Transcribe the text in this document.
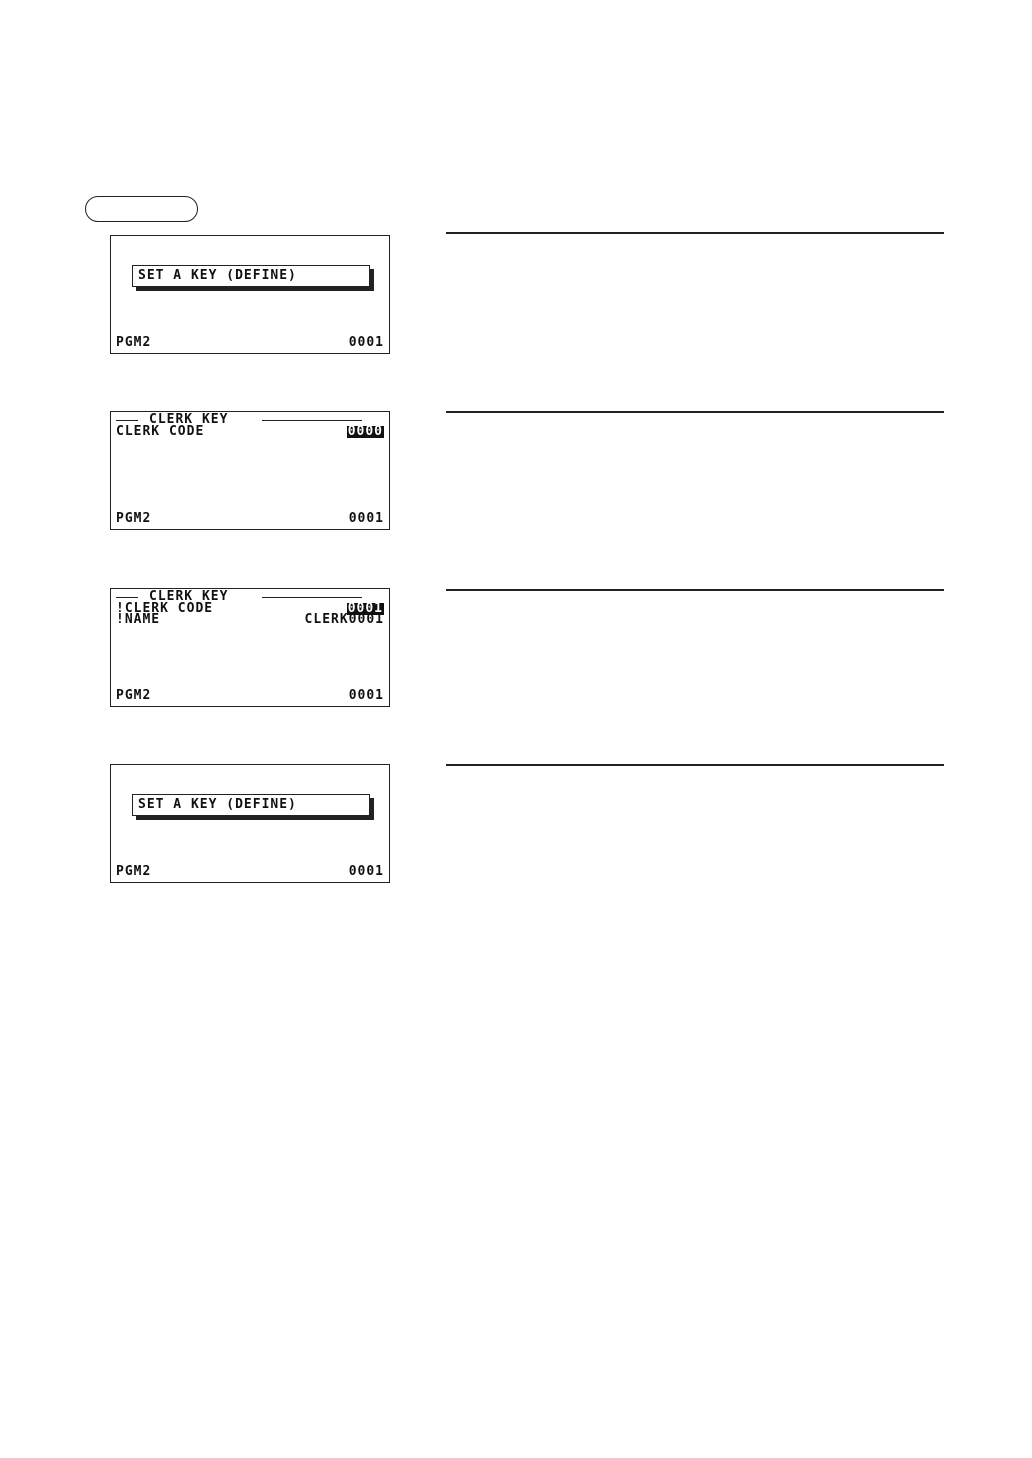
SET A KEY (DEFINE)
PGM2	0001
CLERK KEY
CLERK CODE	0000
PGM2	0001
CLERK KEY
!CLERK CODE	0001
!NAME	CLERK0001
PGM2	0001
SET A KEY (DEFINE)
PGM2	0001
